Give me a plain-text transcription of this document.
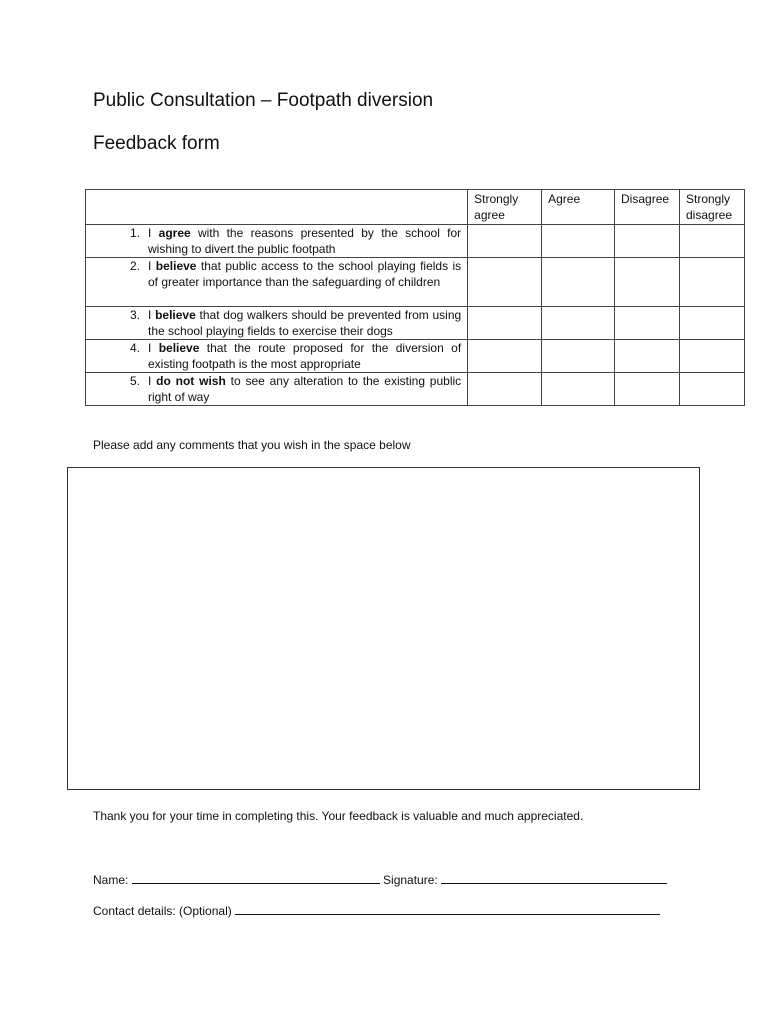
Public Consultation – Footpath diversion
Feedback form
	Strongly agree	Agree	Disagree	Strongly disagree

1. I agree with the reasons presented by the school for wishing to divert the public footpath				

2. I believe that public access to the school playing fields is of greater importance than the safeguarding of children				

3. I believe that dog walkers should be prevented from using the school playing fields to exercise their dogs				

4. I believe that the route proposed for the diversion of existing footpath is the most appropriate				

5. I do not wish to see any alteration to the existing public right of way				

Please add any comments that you wish in the space below
Thank you for your time in completing this. Your feedback is valuable and much appreciated.
Name:	Signature:
Contact details: (Optional)
